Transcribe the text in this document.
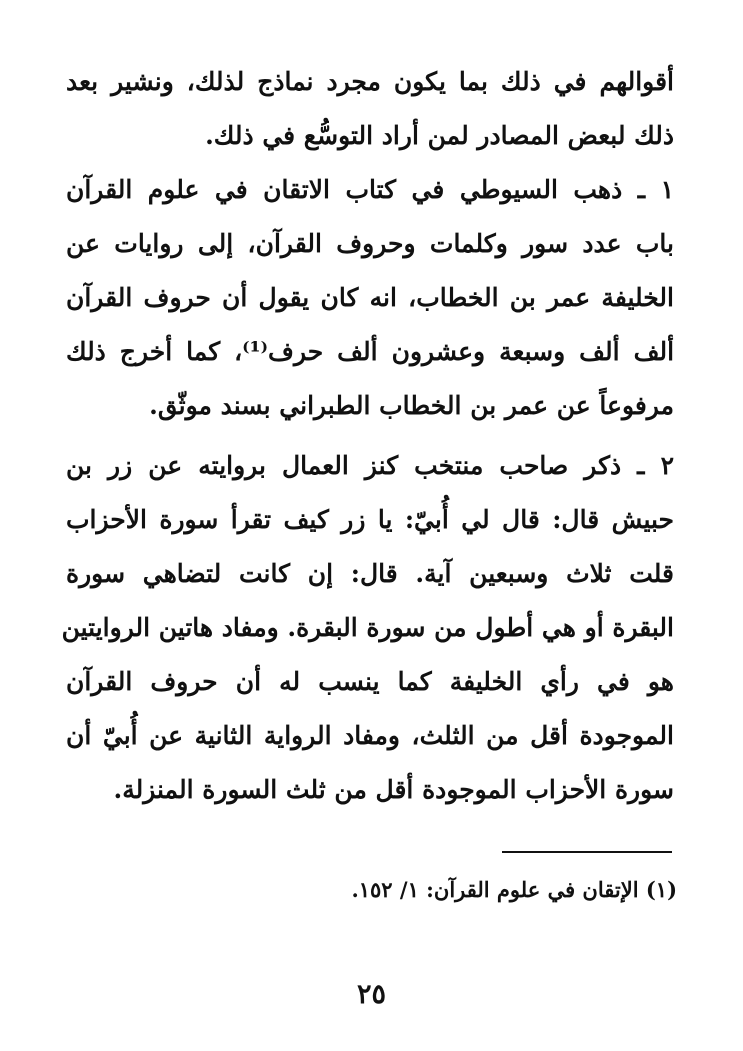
أقوالهم في ذلك بما يكون مجرد نماذج لذلك، ونشير بعد
ذلك لبعض المصادر لمن أراد التوسُّع في ذلك.
١ ـ ذهب السيوطي في كتاب الاتقان في علوم القرآن
باب عدد سور وكلمات وحروف القرآن، إلى روايات عن
الخليفة عمر بن الخطاب، انه كان يقول أن حروف القرآن
ألف ألف وسبعة وعشرون ألف حرف⁽¹⁾، كما أخرج ذلك
مرفوعاً عن عمر بن الخطاب الطبراني بسند موثّق.
٢ ـ ذكر صاحب منتخب كنز العمال بروايته عن زر بن
حبيش قال: قال لي أُبيّ: يا زر كيف تقرأ سورة الأحزاب
قلت ثلاث وسبعين آية. قال: إن كانت لتضاهي سورة
البقرة أو هي أطول من سورة البقرة. ومفاد هاتين الروايتين
هو في رأي الخليفة كما ينسب له أن حروف القرآن
الموجودة أقل من الثلث، ومفاد الرواية الثانية عن أُبيّ أن
سورة الأحزاب الموجودة أقل من ثلث السورة المنزلة.
(١) الإتقان في علوم القرآن: ١/ ١٥٢.
٢٥
